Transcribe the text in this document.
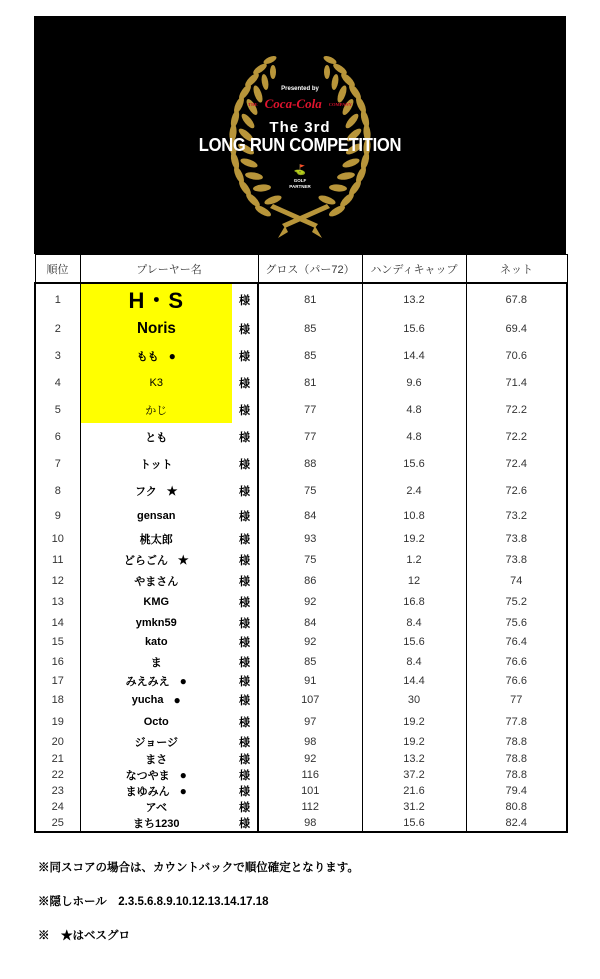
Presented by
THE Coca-Cola COMPANY
The 3rd
LONG RUN COMPETITION
⛳
GOLF
PARTNER
順位	プレーヤー名		グロス（パー72）	ハンディキャップ	ネット
1	H・S	様	81	13.2	67.8
2	Noris	様	85	15.6	69.4
3	もも ●	様	85	14.4	70.6
4	K3	様	81	9.6	71.4
5	かじ	様	77	4.8	72.2
6	とも	様	77	4.8	72.2
7	トット	様	88	15.6	72.4
8	フク ★	様	75	2.4	72.6
9	gensan	様	84	10.8	73.2
10	桃太郎	様	93	19.2	73.8
11	どらごん ★	様	75	1.2	73.8
12	やまさん	様	86	12	74
13	KMG	様	92	16.8	75.2
14	ymkn59	様	84	8.4	75.6
15	kato	様	92	15.6	76.4
16	ま	様	85	8.4	76.6
17	みえみえ ●	様	91	14.4	76.6
18	yucha ●	様	107	30	77
19	Octo	様	97	19.2	77.8
20	ジョージ	様	98	19.2	78.8
21	まさ	様	92	13.2	78.8
22	なつやま ●	様	116	37.2	78.8
23	まゆみん ●	様	101	21.6	79.4
24	アベ	様	112	31.2	80.8
25	まち1230	様	98	15.6	82.4
※同スコアの場合は、カウントバックで順位確定となります。
※隠しホール　2.3.5.6.8.9.10.12.13.14.17.18
※　★はベスグロ
